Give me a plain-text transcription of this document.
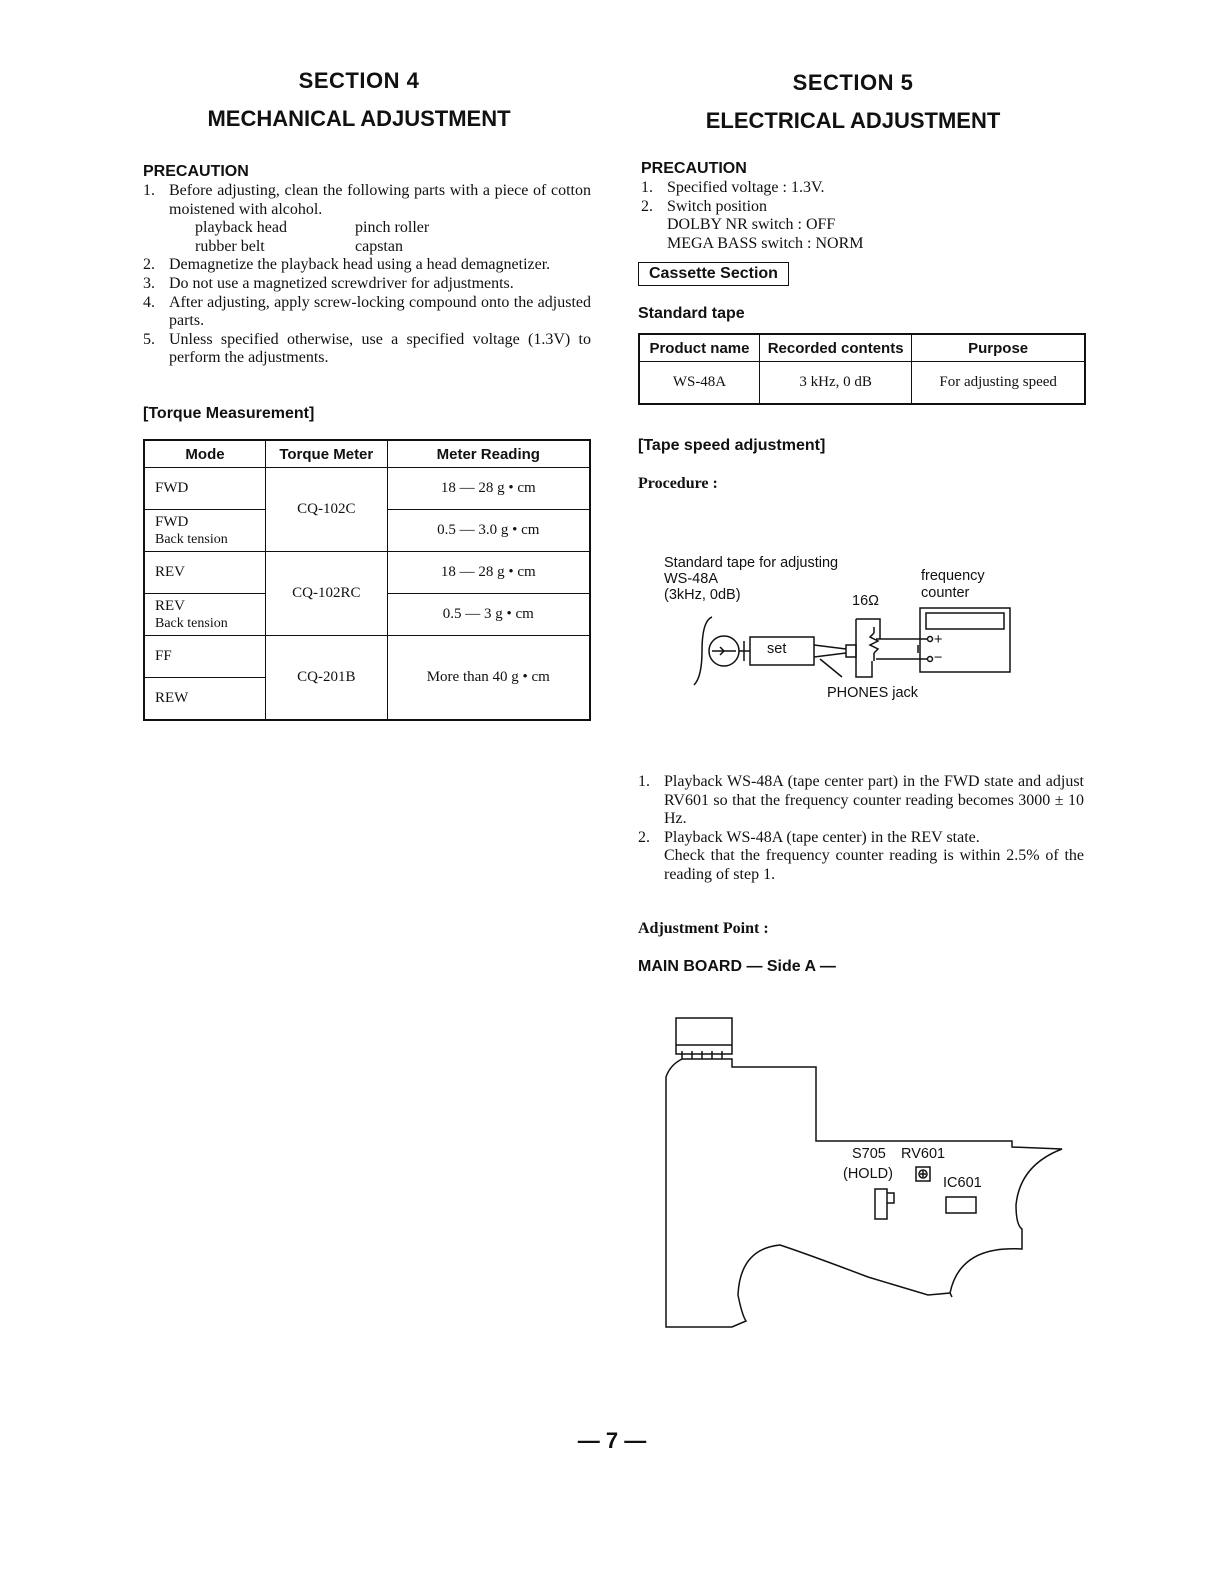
SECTION 4

MECHANICAL ADJUSTMENT

PRECAUTION

1. Before adjusting, clean the following parts with a piece of cotton moistened with alcohol.
playback head
rubber belt
pinch roller
capstan
2. Demagnetize the playback head using a head demagnetizer.
3. Do not use a magnetized screwdriver for adjustments.
4. After adjusting, apply screw-locking compound onto the adjusted parts.
5. Unless specified otherwise, use a specified voltage (1.3V) to perform the adjustments.

[Torque Measurement]

Mode	Torque Meter	Meter Reading
FWD	CQ-102C	18 — 28 g • cm

FWD
Back tension		0.5 — 3.0 g • cm
REV	CQ-102RC	18 — 28 g • cm

REV
Back tension		0.5 — 3 g • cm
FF	CQ-201B	More than 40 g • cm
REW		

SECTION 5

ELECTRICAL ADJUSTMENT

PRECAUTION

1. Specified voltage : 1.3V.
2. Switch position
DOLBY NR switch : OFF
MEGA BASS switch : NORM
Cassette Section

Standard tape

Product name	Recorded contents	Purpose
WS-48A	3 kHz, 0 dB	For adjusting speed

[Tape speed adjustment]

Procedure :

Standard tape for adjusting
WS-48A
(3kHz, 0dB)
frequency
counter
16Ω
set
+
−
PHONES jack
1. Playback WS-48A (tape center part) in the FWD state and adjust RV601 so that the frequency counter reading becomes 3000 ± 10 Hz.
2. Playback WS-48A (tape center) in the REV state.
Check that the frequency counter reading is within 2.5% of the reading of step 1.

Adjustment Point :

MAIN BOARD — Side A —

S705 RV601
(HOLD)
IC601
— 7 —
